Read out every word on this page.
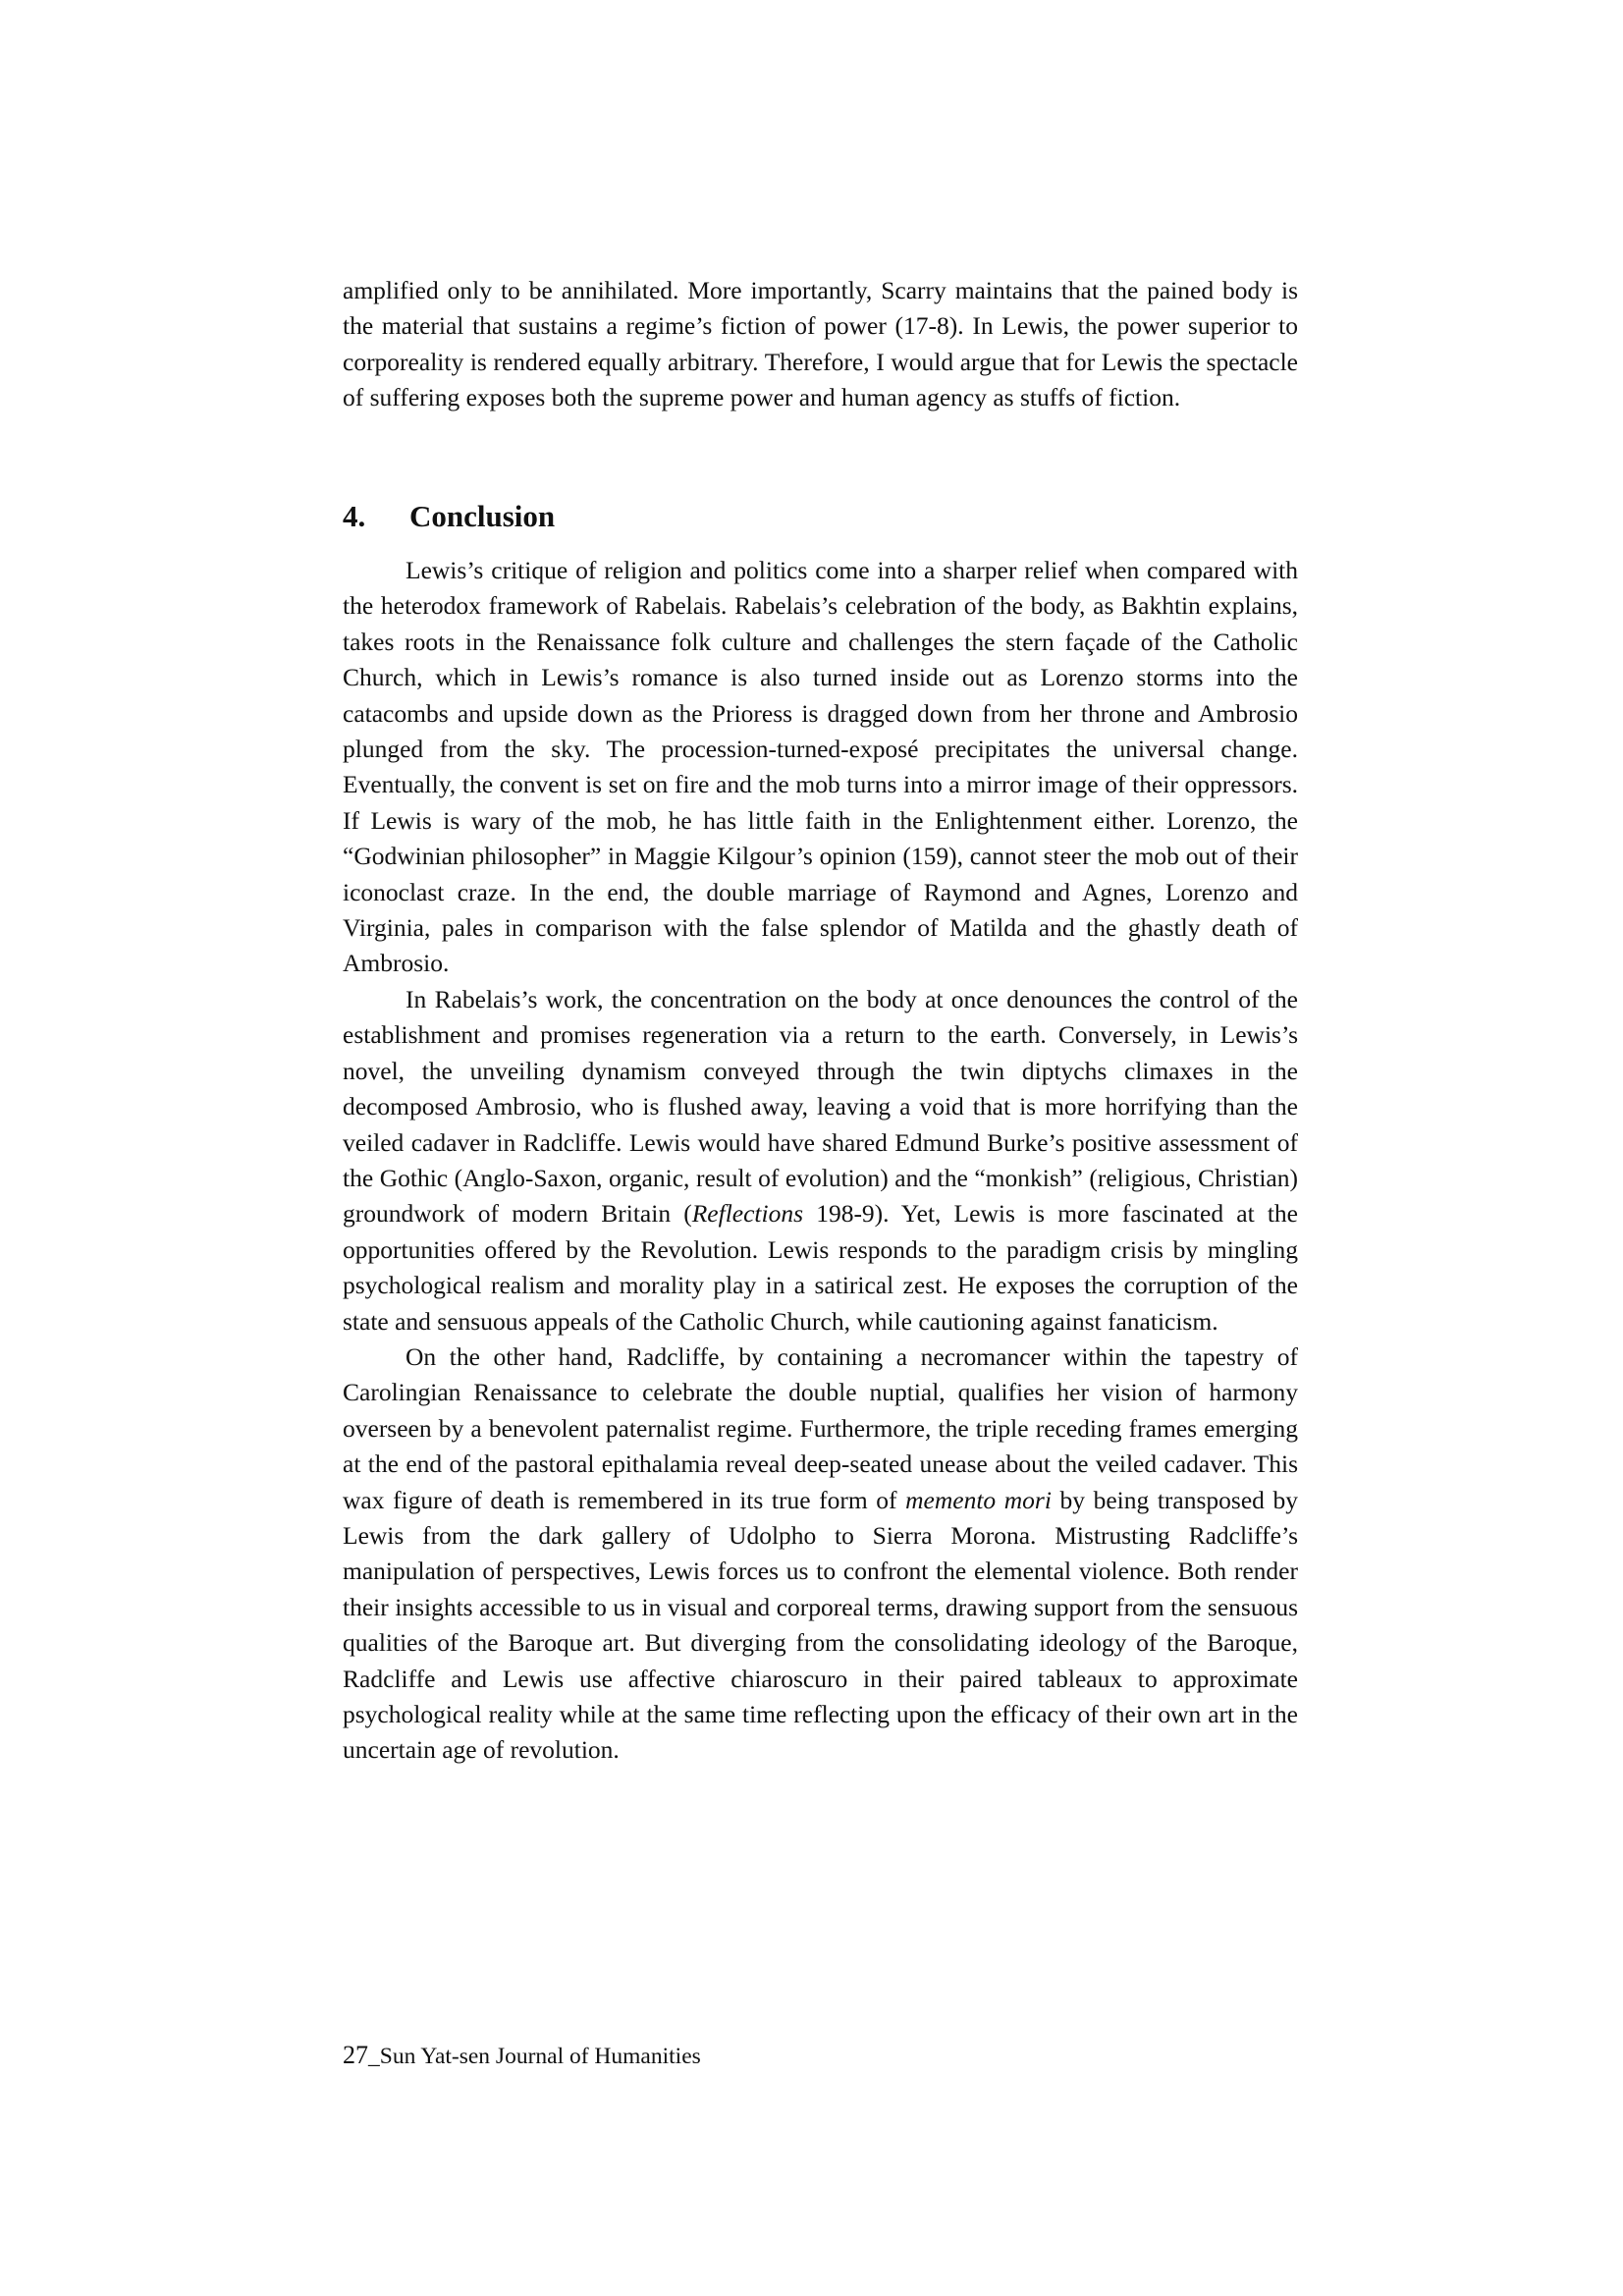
amplified only to be annihilated. More importantly, Scarry maintains that the pained body is the material that sustains a regime’s fiction of power (17-8). In Lewis, the power superior to corporeality is rendered equally arbitrary. Therefore, I would argue that for Lewis the spectacle of suffering exposes both the supreme power and human agency as stuffs of fiction.

4. Conclusion

Lewis’s critique of religion and politics come into a sharper relief when compared with the heterodox framework of Rabelais. Rabelais’s celebration of the body, as Bakhtin explains, takes roots in the Renaissance folk culture and challenges the stern façade of the Catholic Church, which in Lewis’s romance is also turned inside out as Lorenzo storms into the catacombs and upside down as the Prioress is dragged down from her throne and Ambrosio plunged from the sky. The procession-turned-exposé precipitates the universal change. Eventually, the convent is set on fire and the mob turns into a mirror image of their oppressors. If Lewis is wary of the mob, he has little faith in the Enlightenment either. Lorenzo, the “Godwinian philosopher” in Maggie Kilgour’s opinion (159), cannot steer the mob out of their iconoclast craze. In the end, the double marriage of Raymond and Agnes, Lorenzo and Virginia, pales in comparison with the false splendor of Matilda and the ghastly death of Ambrosio.

In Rabelais’s work, the concentration on the body at once denounces the control of the establishment and promises regeneration via a return to the earth. Conversely, in Lewis’s novel, the unveiling dynamism conveyed through the twin diptychs climaxes in the decomposed Ambrosio, who is flushed away, leaving a void that is more horrifying than the veiled cadaver in Radcliffe. Lewis would have shared Edmund Burke’s positive assessment of the Gothic (Anglo-Saxon, organic, result of evolution) and the “monkish” (religious, Christian) groundwork of modern Britain (Reflections 198-9). Yet, Lewis is more fascinated at the opportunities offered by the Revolution. Lewis responds to the paradigm crisis by mingling psychological realism and morality play in a satirical zest. He exposes the corruption of the state and sensuous appeals of the Catholic Church, while cautioning against fanaticism.

On the other hand, Radcliffe, by containing a necromancer within the tapestry of Carolingian Renaissance to celebrate the double nuptial, qualifies her vision of harmony overseen by a benevolent paternalist regime. Furthermore, the triple receding frames emerging at the end of the pastoral epithalamia reveal deep-seated unease about the veiled cadaver. This wax figure of death is remembered in its true form of memento mori by being transposed by Lewis from the dark gallery of Udolpho to Sierra Morona. Mistrusting Radcliffe’s manipulation of perspectives, Lewis forces us to confront the elemental violence. Both render their insights accessible to us in visual and corporeal terms, drawing support from the sensuous qualities of the Baroque art. But diverging from the consolidating ideology of the Baroque, Radcliffe and Lewis use affective chiaroscuro in their paired tableaux to approximate psychological reality while at the same time reflecting upon the efficacy of their own art in the uncertain age of revolution.

27_Sun Yat-sen Journal of Humanities
